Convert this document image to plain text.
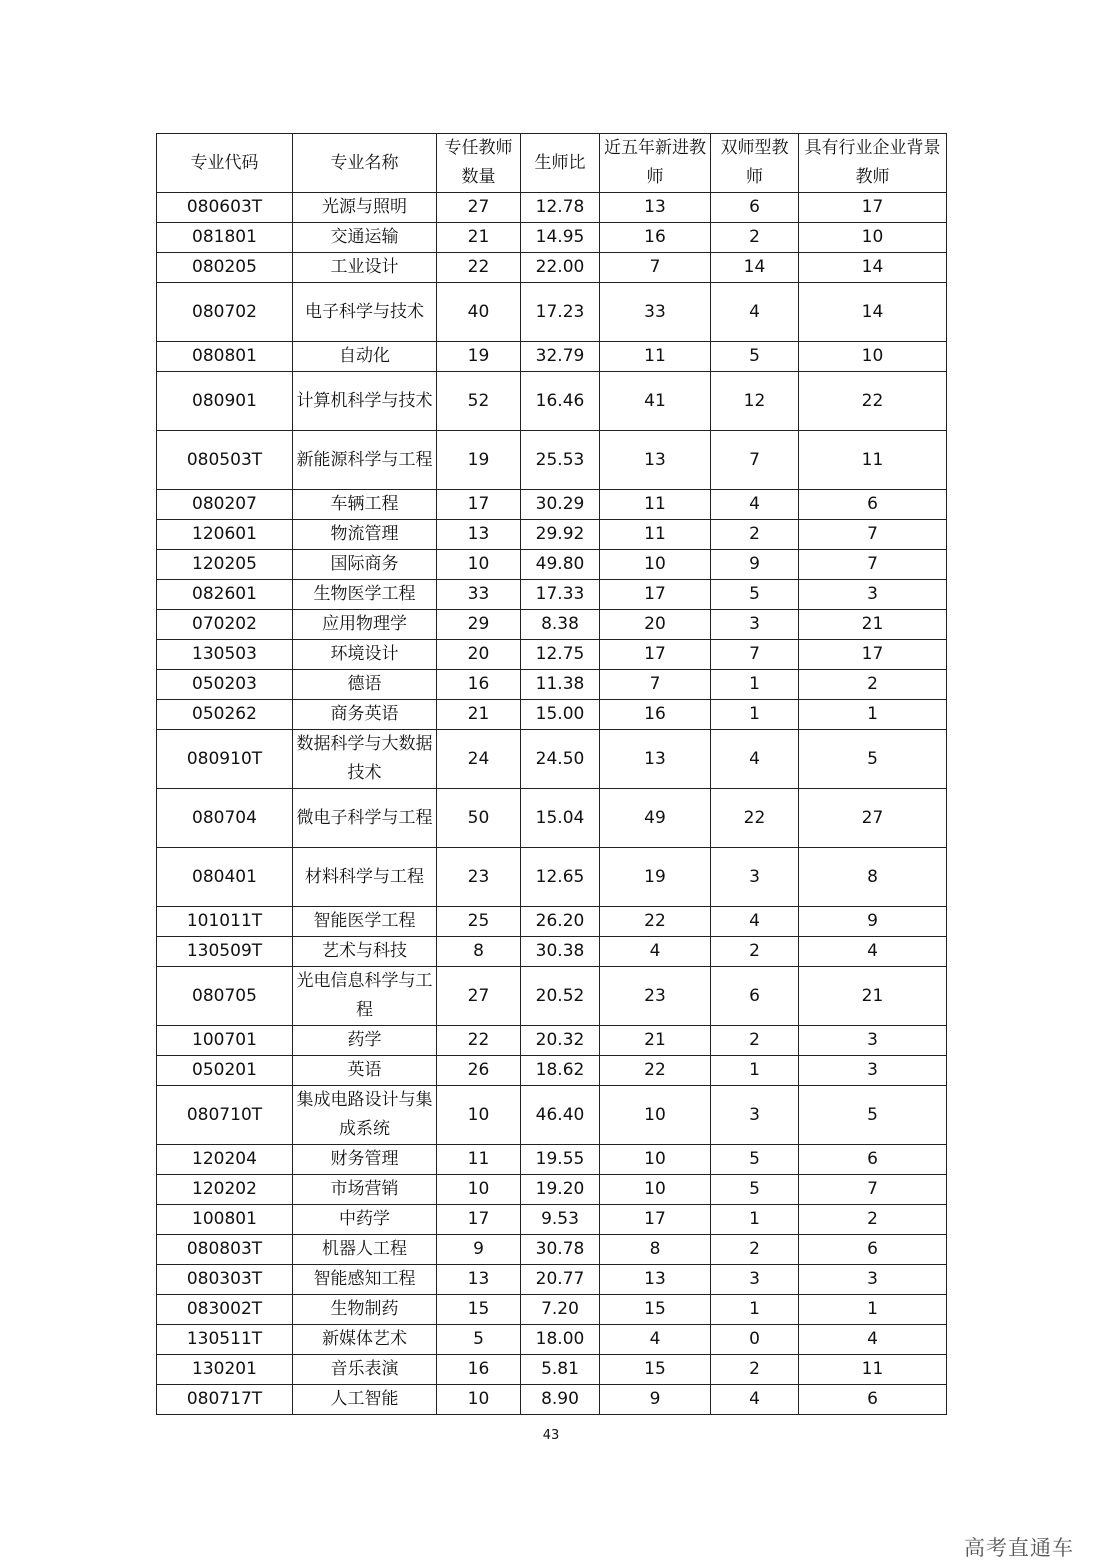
专业代码	专业名称	专任教师数量	生师比	近五年新进教师	双师型教师	具有行业企业背景教师
080603T	光源与照明	27	12.78	13	6	17
081801	交通运输	21	14.95	16	2	10
080205	工业设计	22	22.00	7	14	14
080702	电子科学与技术	40	17.23	33	4	14
080801	自动化	19	32.79	11	5	10
080901	计算机科学与技术	52	16.46	41	12	22
080503T	新能源科学与工程	19	25.53	13	7	11
080207	车辆工程	17	30.29	11	4	6
120601	物流管理	13	29.92	11	2	7
120205	国际商务	10	49.80	10	9	7
082601	生物医学工程	33	17.33	17	5	3
070202	应用物理学	29	8.38	20	3	21
130503	环境设计	20	12.75	17	7	17
050203	德语	16	11.38	7	1	2
050262	商务英语	21	15.00	16	1	1
080910T	数据科学与大数据技术	24	24.50	13	4	5
080704	微电子科学与工程	50	15.04	49	22	27
080401	材料科学与工程	23	12.65	19	3	8
101011T	智能医学工程	25	26.20	22	4	9
130509T	艺术与科技	8	30.38	4	2	4
080705	光电信息科学与工程	27	20.52	23	6	21
100701	药学	22	20.32	21	2	3
050201	英语	26	18.62	22	1	3
080710T	集成电路设计与集成系统	10	46.40	10	3	5
120204	财务管理	11	19.55	10	5	6
120202	市场营销	10	19.20	10	5	7
100801	中药学	17	9.53	17	1	2
080803T	机器人工程	9	30.78	8	2	6
080303T	智能感知工程	13	20.77	13	3	3
083002T	生物制药	15	7.20	15	1	1
130511T	新媒体艺术	5	18.00	4	0	4
130201	音乐表演	16	5.81	15	2	11
080717T	人工智能	10	8.90	9	4	6
43
高考直通车
